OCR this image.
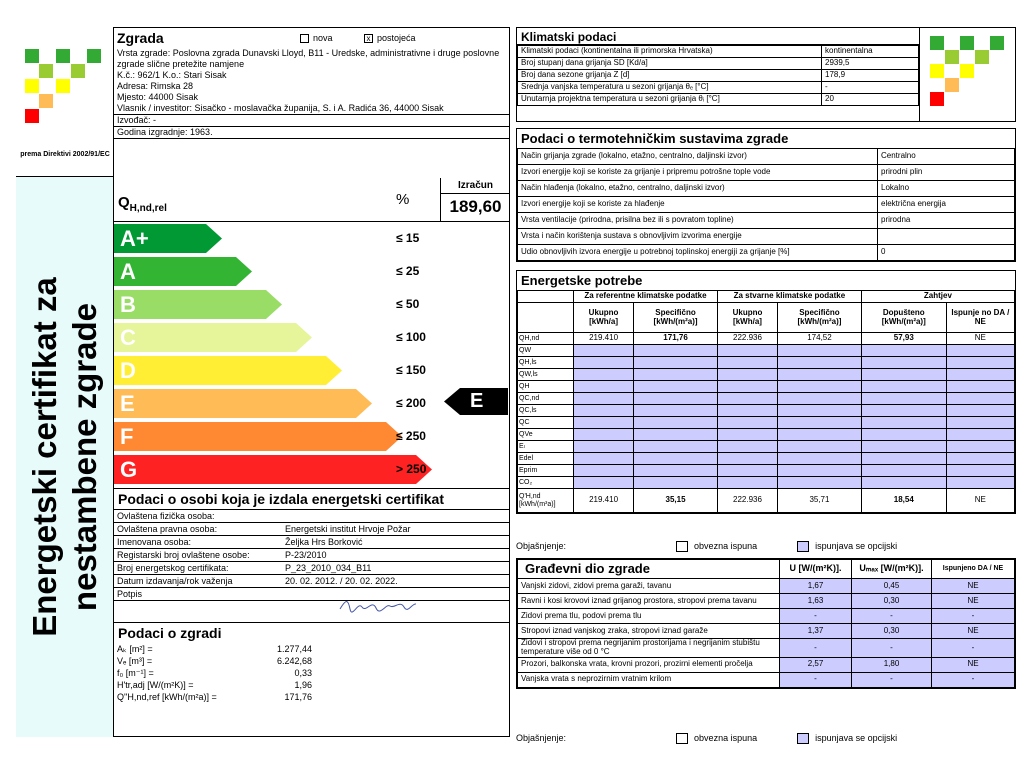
prema Direktivi 2002/91/EC
Energetski certifikat za nestambene zgrade
Zgrada	nova	x postojeća
Vrsta zgrade: Poslovna zgrada Dunavski Lloyd, B11 - Uredske, administrativne i druge poslovne zgrade slične pretežite namjene
K.č.: 962/1 K.o.: Stari Sisak
Adresa: Rimska 28
Mjesto: 44000 Sisak
Vlasnik / investitor: Sisačko - moslavačka županija, S. i A. Radića 36, 44000 Sisak
Izvođač: -
Godina izgradnje: 1963.
$Q_{H,nd,rel}$
%
Izračun
189,60
A+	≤ 15
A	≤ 25
B	≤ 50
C	≤ 100
D	≤ 150
E	≤ 200
F	≤ 250
G	> 250
E
Podaci o osobi koja je izdala energetski certifikat
Ovlaštena fizička osoba:
Ovlaštena pravna osoba:	Energetski institut Hrvoje Požar
Imenovana osoba:	Željka Hrs Borković
Registarski broj ovlaštene osobe:	P-23/2010
Broj energetskog certifikata:	P_23_2010_034_B11
Datum izdavanja/rok važenja	20. 02. 2012. / 20. 02. 2022.
Potpis
Podaci o zgradi
Aₖ [m²] =	1.277,44
Vₑ [m³] =	6.242,68
f₀ [m⁻¹] =	0,33
H'tr,adj [W/(m²K)] =	1,96
Q''H,nd,ref [kWh/(m²a)] =	171,76
Klimatski podaci
Klimatski podaci (kontinentalna ili primorska Hrvatska)	kontinentalna
Broj stupanj dana grijanja SD [Kd/a]	2939,5
Broj dana sezone grijanja Z [d]	178,9
Srednja vanjska temperatura u sezoni grijanja θₑ [°C]	-
Unutarnja projektna temperatura u sezoni grijanja θᵢ [°C]	20
Podaci o termotehničkim sustavima zgrade
Način grijanja zgrade (lokalno, etažno, centralno, daljinski izvor)	Centralno
Izvori energije koji se koriste za grijanje i pripremu potrošne tople vode	prirodni plin
Način hlađenja (lokalno, etažno, centralno, daljinski izvor)	Lokalno
Izvori energije koji se koriste za hlađenje	električna energija
Vrsta ventilacije (prirodna, prisilna bez ili s povratom topline)	prirodna
Vrsta i način korištenja sustava s obnovljivim izvorima energije	
Udio obnovljivih izvora energije u potrebnoj toplinskoj energiji za grijanje [%]	0
Energetske potrebe
	Za referentne klimatske podatke		Za stvarne klimatske podatke		Zahtjev	
	Ukupno [kWh/a]	Specifično [kWh/(m²a)]	Ukupno [kWh/a]	Specifično [kWh/(m²a)]	Dopušteno [kWh/(m²a)]	Ispunje no DA / NE
QH,nd	219.410	171,76	222.936	174,52	57,93	NE
QW						
QH,ls						
QW,ls						
QH						
QC,nd						
QC,ls						
QC						
QVe						
Eₗ						
Edel						
Eprim						
CO₂						
Q'H,nd [kWh/(m³a)]	219.410	35,15	222.936	35,71	18,54	NE
Objašnjenje:	obvezna ispuna	ispunjava se opcijski
Građevni dio zgrade	U [W/(m²K)].	Uₘₐₓ [W/(m²K)].	Ispunjeno DA / NE
Vanjski zidovi, zidovi prema garaži, tavanu	1,67	0,45	NE
Ravni i kosi krovovi iznad grijanog prostora, stropovi prema tavanu	1,63	0,30	NE
Zidovi prema tlu, podovi prema tlu	-	-	-
Stropovi iznad vanjskog zraka, stropovi iznad garaže	1,37	0,30	NE
Zidovi i stropovi prema negrijanim prostorijama i negrijanim stubištu temperature više od 0 °C	-	-	-
Prozori, balkonska vrata, krovni prozori, prozirni elementi pročelja	2,57	1,80	NE
Vanjska vrata s neprozirnim vratnim krilom	-	-	-
Objašnjenje:	obvezna ispuna	ispunjava se opcijski
